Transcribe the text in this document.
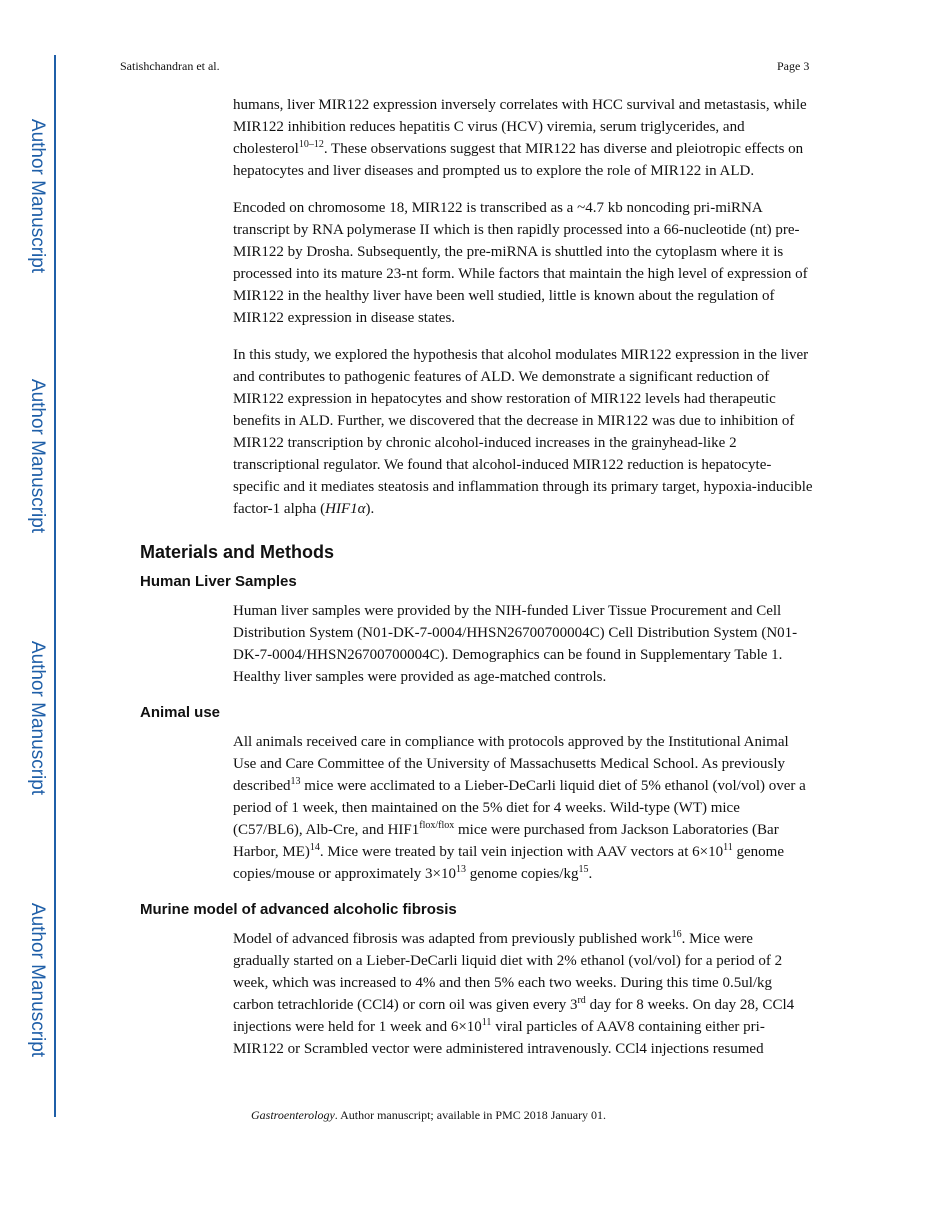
Author Manuscript
Author Manuscript
Author Manuscript
Author Manuscript
Satishchandran et al.	Page 3

humans, liver MIR122 expression inversely correlates with HCC survival and metastasis, while MIR122 inhibition reduces hepatitis C virus (HCV) viremia, serum triglycerides, and cholesterol$^{10-12}$. These observations suggest that MIR122 has diverse and pleiotropic effects on hepatocytes and liver diseases and prompted us to explore the role of MIR122 in ALD.

Encoded on chromosome 18, MIR122 is transcribed as a ~4.7 kb noncoding pri-miRNA transcript by RNA polymerase II which is then rapidly processed into a 66-nucleotide (nt) pre-MIR122 by Drosha. Subsequently, the pre-miRNA is shuttled into the cytoplasm where it is processed into its mature 23-nt form. While factors that maintain the high level of expression of MIR122 in the healthy liver have been well studied, little is known about the regulation of MIR122 expression in disease states.

In this study, we explored the hypothesis that alcohol modulates MIR122 expression in the liver and contributes to pathogenic features of ALD. We demonstrate a significant reduction of MIR122 expression in hepatocytes and show restoration of MIR122 levels had therapeutic benefits in ALD. Further, we discovered that the decrease in MIR122 was due to inhibition of MIR122 transcription by chronic alcohol-induced increases in the grainyhead-like 2 transcriptional regulator. We found that alcohol-induced MIR122 reduction is hepatocyte-specific and it mediates steatosis and inflammation through its primary target, hypoxia-inducible factor-1 alpha (HIF1α).

Materials and Methods
Human Liver Samples

Human liver samples were provided by the NIH-funded Liver Tissue Procurement and Cell Distribution System (N01-DK-7-0004/HHSN26700700004C) Cell Distribution System (N01-DK-7-0004/HHSN26700700004C). Demographics can be found in Supplementary Table 1. Healthy liver samples were provided as age-matched controls.

Animal use

All animals received care in compliance with protocols approved by the Institutional Animal Use and Care Committee of the University of Massachusetts Medical School. As previously described$^{13}$ mice were acclimated to a Lieber-DeCarli liquid diet of 5% ethanol (vol/vol) over a period of 1 week, then maintained on the 5% diet for 4 weeks. Wild-type (WT) mice (C57/BL6), Alb-Cre, and $HIF1^{flox/flox}$ mice were purchased from Jackson Laboratories (Bar Harbor, ME)$^{14}$. Mice were treated by tail vein injection with AAV vectors at $6\times 10^{11}$ genome copies/mouse or approximately $3\times 10^{13}$ genome copies/$kg^{15}$.

Murine model of advanced alcoholic fibrosis

Model of advanced fibrosis was adapted from previously published work$^{16}$. Mice were gradually started on a Lieber-DeCarli liquid diet with 2% ethanol (vol/vol) for a period of 2 week, which was increased to 4% and then 5% each two weeks. During this time 0.5ul/kg carbon tetrachloride (CCl4) or corn oil was given every 3rd day for 8 weeks. On day 28, CCl4 injections were held for 1 week and $6\times 10^{11}$ viral particles of AAV8 containing either pri-MIR122 or Scrambled vector were administered intravenously. CCl4 injections resumed

Gastroenterology. Author manuscript; available in PMC 2018 January 01.
